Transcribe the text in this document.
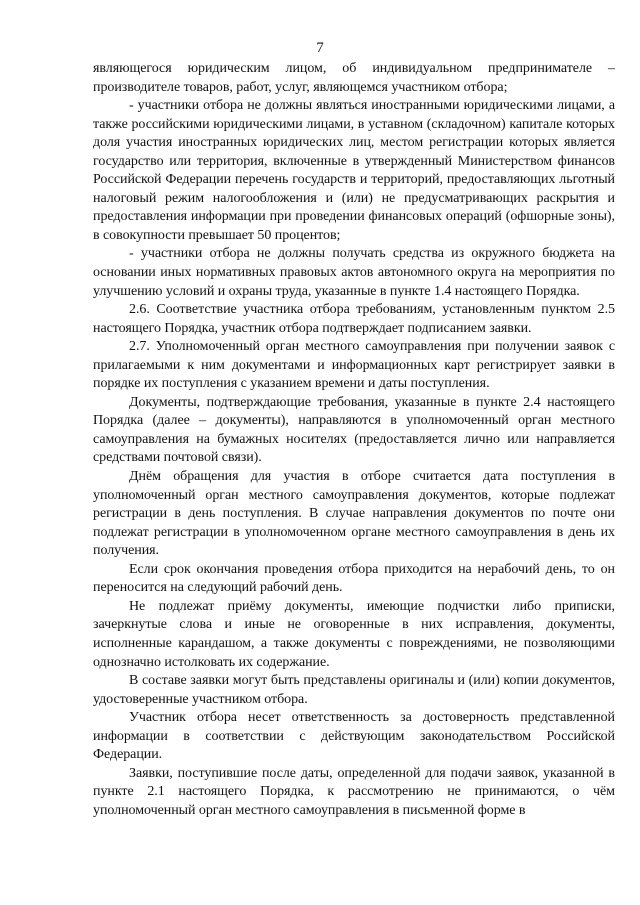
7

являющегося юридическим лицом, об индивидуальном предпринимателе – производителе товаров, работ, услуг, являющемся участником отбора;

- участники отбора не должны являться иностранными юридическими лицами, а также российскими юридическими лицами, в уставном (складочном) капитале которых доля участия иностранных юридических лиц, местом регистрации которых является государство или территория, включенные в утвержденный Министерством финансов Российской Федерации перечень государств и территорий, предоставляющих льготный налоговый режим налогообложения и (или) не предусматривающих раскрытия и предоставления информации при проведении финансовых операций (офшорные зоны), в совокупности превышает 50 процентов;

- участники отбора не должны получать средства из окружного бюджета на основании иных нормативных правовых актов автономного округа на мероприятия по улучшению условий и охраны труда, указанные в пункте 1.4 настоящего Порядка.

2.6. Соответствие участника отбора требованиям, установленным пунктом 2.5 настоящего Порядка, участник отбора подтверждает подписанием заявки.

2.7. Уполномоченный орган местного самоуправления при получении заявок с прилагаемыми к ним документами и информационных карт регистрирует заявки в порядке их поступления с указанием времени и даты поступления.

Документы, подтверждающие требования, указанные в пункте 2.4 настоящего Порядка (далее – документы), направляются в уполномоченный орган местного самоуправления на бумажных носителях (предоставляется лично или направляется средствами почтовой связи).

Днём обращения для участия в отборе считается дата поступления в уполномоченный орган местного самоуправления документов, которые подлежат регистрации в день поступления. В случае направления документов по почте они подлежат регистрации в уполномоченном органе местного самоуправления в день их получения.

Если срок окончания проведения отбора приходится на нерабочий день, то он переносится на следующий рабочий день.

Не подлежат приёму документы, имеющие подчистки либо приписки, зачеркнутые слова и иные не оговоренные в них исправления, документы, исполненные карандашом, а также документы с повреждениями, не позволяющими однозначно истолковать их содержание.

В составе заявки могут быть представлены оригиналы и (или) копии документов, удостоверенные участником отбора.

Участник отбора несет ответственность за достоверность представленной информации в соответствии с действующим законодательством Российской Федерации.

Заявки, поступившие после даты, определенной для подачи заявок, указанной в пункте 2.1 настоящего Порядка, к рассмотрению не принимаются, о чём уполномоченный орган местного самоуправления в письменной форме в
